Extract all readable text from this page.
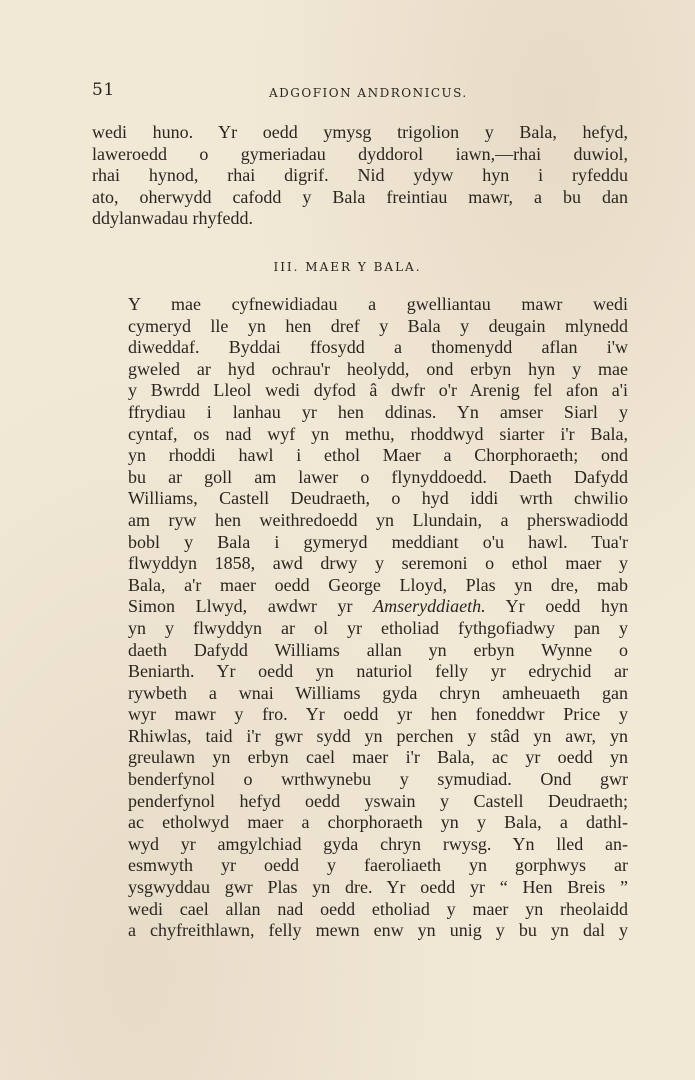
51	ADGOFION ANDRONICUS.
wedi huno. Yr oedd ymysg trigolion y Bala, hefyd,
laweroedd o gymeriadau dyddorol iawn,—rhai duwiol,
rhai hynod, rhai digrif. Nid ydyw hyn i ryfeddu
ato, oherwydd cafodd y Bala freintiau mawr, a bu dan
ddylanwadau rhyfedd.
III. MAER Y BALA.
Y mae cyfnewidiadau a gwelliantau mawr wedi
cymeryd lle yn hen dref y Bala y deugain mlynedd
diweddaf. Byddai ffosydd a thomenydd aflan i'w
gweled ar hyd ochrau'r heolydd, ond erbyn hyn y mae
y Bwrdd Lleol wedi dyfod â dwfr o'r Arenig fel afon a'i
ffrydiau i lanhau yr hen ddinas. Yn amser Siarl y
cyntaf, os nad wyf yn methu, rhoddwyd siarter i'r Bala,
yn rhoddi hawl i ethol Maer a Chorphoraeth; ond
bu ar goll am lawer o flynyddoedd. Daeth Dafydd
Williams, Castell Deudraeth, o hyd iddi wrth chwilio
am ryw hen weithredoedd yn Llundain, a pherswadiodd
bobl y Bala i gymeryd meddiant o'u hawl. Tua'r
flwyddyn 1858, awd drwy y seremoni o ethol maer y
Bala, a'r maer oedd George Lloyd, Plas yn dre, mab
Simon Llwyd, awdwr yr Amseryddiaeth. Yr oedd hyn
yn y flwyddyn ar ol yr etholiad fythgofiadwy pan y
daeth Dafydd Williams allan yn erbyn Wynne o
Beniarth. Yr oedd yn naturiol felly yr edrychid ar
rywbeth a wnai Williams gyda chryn amheuaeth gan
wyr mawr y fro. Yr oedd yr hen foneddwr Price y
Rhiwlas, taid i'r gwr sydd yn perchen y stâd yn awr, yn
greulawn yn erbyn cael maer i'r Bala, ac yr oedd yn
benderfynol o wrthwynebu y symudiad. Ond gwr
penderfynol hefyd oedd yswain y Castell Deudraeth;
ac etholwyd maer a chorphoraeth yn y Bala, a dathl-
wyd yr amgylchiad gyda chryn rwysg. Yn lled an-
esmwyth yr oedd y faeroliaeth yn gorphwys ar
ysgwyddau gwr Plas yn dre. Yr oedd yr “ Hen Breis ”
wedi cael allan nad oedd etholiad y maer yn rheolaidd
a chyfreithlawn, felly mewn enw yn unig y bu yn dal y
